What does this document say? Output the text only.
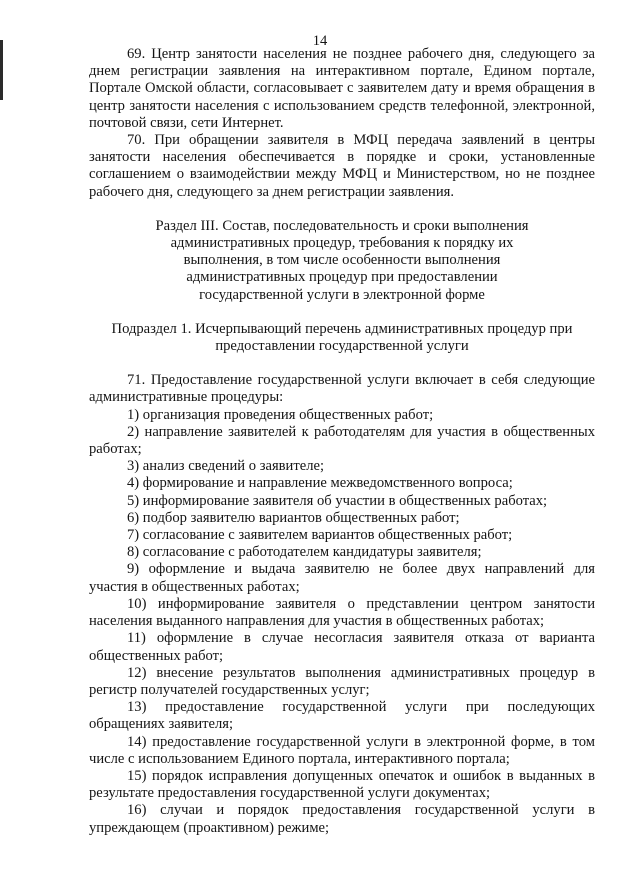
14

69. Центр занятости населения не позднее рабочего дня, следующего за днем регистрации заявления на интерактивном портале, Едином портале, Портале Омской области, согласовывает с заявителем дату и время обращения в центр занятости населения с использованием средств телефонной, электронной, почтовой связи, сети Интернет.

70. При обращении заявителя в МФЦ передача заявлений в центры занятости населения обеспечивается в порядке и сроки, установленные соглашением о взаимодействии между МФЦ и Министерством, но не позднее рабочего дня, следующего за днем регистрации заявления.

Раздел III. Состав, последовательность и сроки выполнения
административных процедур, требования к порядку их
выполнения, в том числе особенности выполнения
административных процедур при предоставлении
государственной услуги в электронной форме

Подраздел 1. Исчерпывающий перечень административных процедур при
предоставлении государственной услуги

71. Предоставление государственной услуги включает в себя следующие административные процедуры:

1) организация проведения общественных работ;

2) направление заявителей к работодателям для участия в общественных работах;

3) анализ сведений о заявителе;

4) формирование и направление межведомственного вопроса;

5) информирование заявителя об участии в общественных работах;

6) подбор заявителю вариантов общественных работ;

7) согласование с заявителем вариантов общественных работ;

8) согласование с работодателем кандидатуры заявителя;

9) оформление и выдача заявителю не более двух направлений для участия в общественных работах;

10) информирование заявителя о представлении центром занятости населения выданного направления для участия в общественных работах;

11) оформление в случае несогласия заявителя отказа от варианта общественных работ;

12) внесение результатов выполнения административных процедур в регистр получателей государственных услуг;

13) предоставление государственной услуги при последующих обращениях заявителя;

14) предоставление государственной услуги в электронной форме, в том числе с использованием Единого портала, интерактивного портала;

15) порядок исправления допущенных опечаток и ошибок в выданных в результате предоставления государственной услуги документах;

16) случаи и порядок предоставления государственной услуги в упреждающем (проактивном) режиме;
